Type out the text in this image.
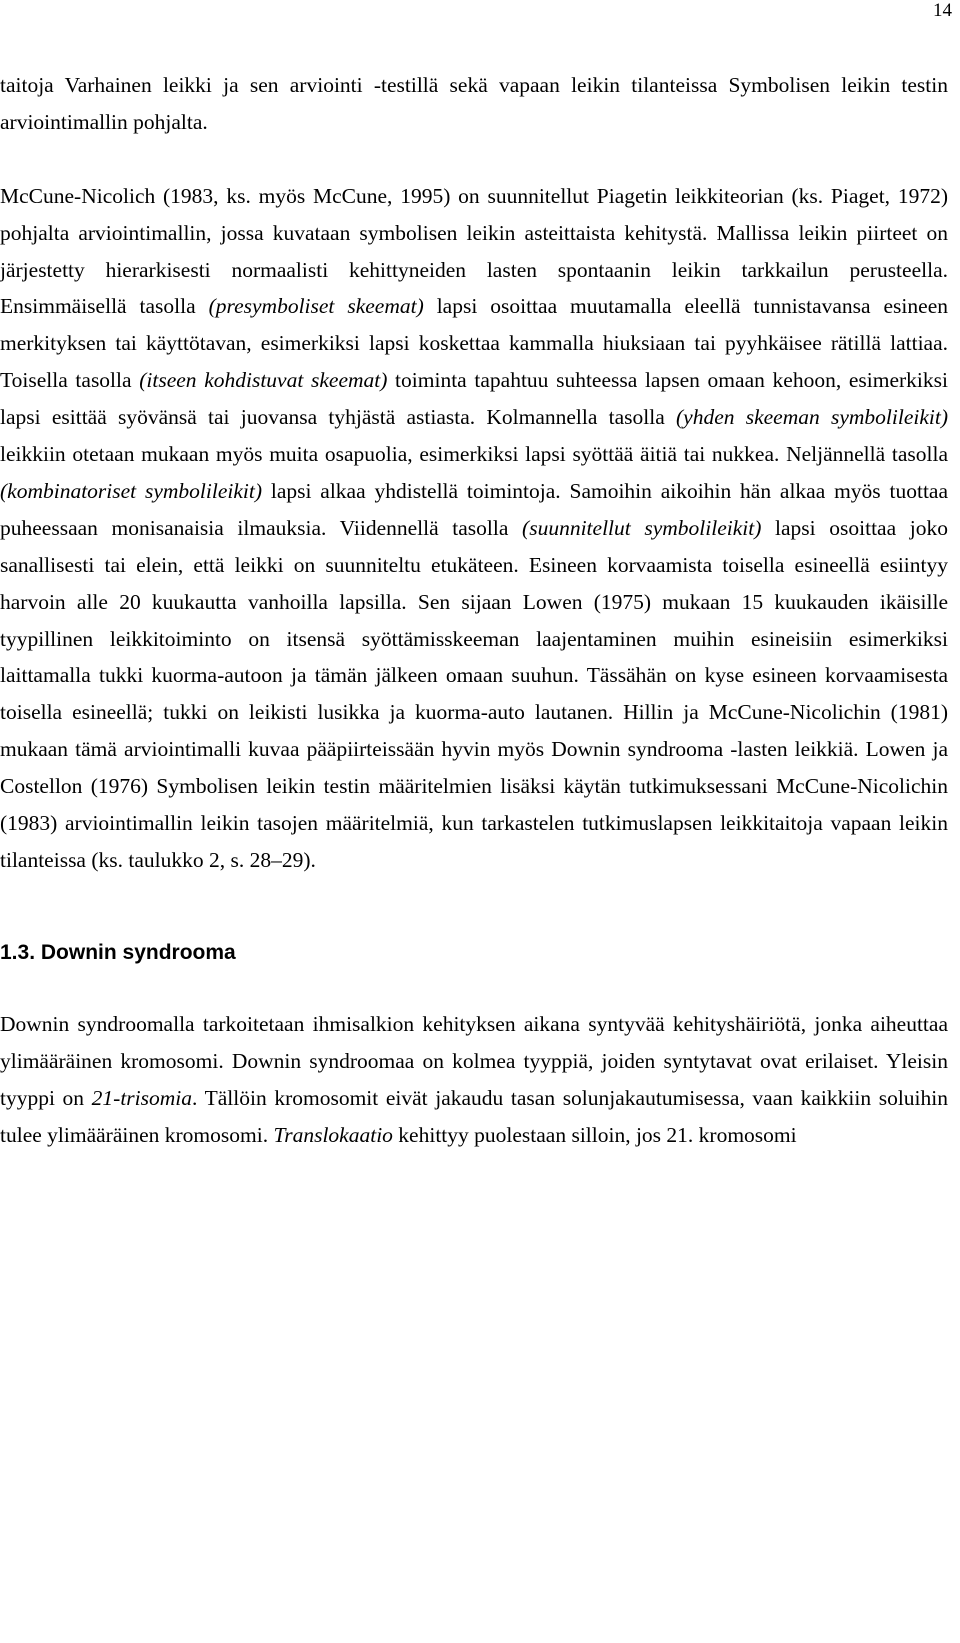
14

taitoja Varhainen leikki ja sen arviointi -testillä sekä vapaan leikin tilanteissa Symbolisen leikin testin arviointimallin pohjalta.

McCune-Nicolich (1983, ks. myös McCune, 1995) on suunnitellut Piagetin leikkiteorian (ks. Piaget, 1972) pohjalta arviointimallin, jossa kuvataan symbolisen leikin asteittaista kehitystä. Mallissa leikin piirteet on järjestetty hierarkisesti normaalisti kehittyneiden lasten spontaanin leikin tarkkailun perusteella. Ensimmäisellä tasolla (presymboliset skeemat) lapsi osoittaa muutamalla eleellä tunnistavansa esineen merkityksen tai käyttötavan, esimerkiksi lapsi koskettaa kammalla hiuksiaan tai pyyhkäisee rätillä lattiaa. Toisella tasolla (itseen kohdistuvat skeemat) toiminta tapahtuu suhteessa lapsen omaan kehoon, esimerkiksi lapsi esittää syövänsä tai juovansa tyhjästä astiasta. Kolmannella tasolla (yhden skeeman symbolileikit) leikkiin otetaan mukaan myös muita osapuolia, esimerkiksi lapsi syöttää äitiä tai nukkea. Neljännellä tasolla (kombinatoriset symbolileikit) lapsi alkaa yhdistellä toimintoja. Samoihin aikoihin hän alkaa myös tuottaa puheessaan monisanaisia ilmauksia. Viidennellä tasolla (suunnitellut symbolileikit) lapsi osoittaa joko sanallisesti tai elein, että leikki on suunniteltu etukäteen. Esineen korvaamista toisella esineellä esiintyy harvoin alle 20 kuukautta vanhoilla lapsilla. Sen sijaan Lowen (1975) mukaan 15 kuukauden ikäisille tyypillinen leikkitoiminto on itsensä syöttämisskeeman laajentaminen muihin esineisiin esimerkiksi laittamalla tukki kuorma-autoon ja tämän jälkeen omaan suuhun. Tässähän on kyse esineen korvaamisesta toisella esineellä; tukki on leikisti lusikka ja kuorma-auto lautanen. Hillin ja McCune-Nicolichin (1981) mukaan tämä arviointimalli kuvaa pääpiirteissään hyvin myös Downin syndrooma -lasten leikkiä. Lowen ja Costellon (1976) Symbolisen leikin testin määritelmien lisäksi käytän tutkimuksessani McCune-Nicolichin (1983) arviointimallin leikin tasojen määritelmiä, kun tarkastelen tutkimuslapsen leikkitaitoja vapaan leikin tilanteissa (ks. taulukko 2, s. 28–29).

1.3. Downin syndrooma

Downin syndroomalla tarkoitetaan ihmisalkion kehityksen aikana syntyvää kehityshäiriötä, jonka aiheuttaa ylimääräinen kromosomi. Downin syndroomaa on kolmea tyyppiä, joiden syntytavat ovat erilaiset. Yleisin tyyppi on 21-trisomia. Tällöin kromosomit eivät jakaudu tasan solunjakautumisessa, vaan kaikkiin soluihin tulee ylimääräinen kromosomi. Translokaatio kehittyy puolestaan silloin, jos 21. kromosomi
